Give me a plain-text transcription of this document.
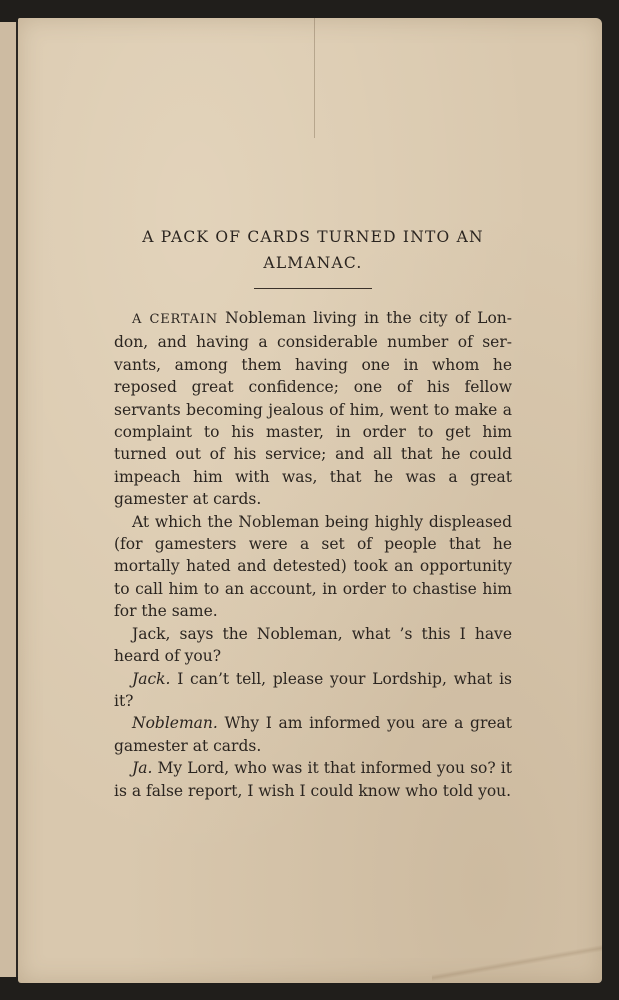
A PACK OF CARDS TURNED INTO AN
ALMANAC.

A CERTAIN Nobleman living in the city of London, and having a considerable number of servants, among them having one in whom he reposed great confidence; one of his fellow servants becoming jealous of him, went to make a complaint to his master, in order to get him turned out of his service; and all that he could impeach him with was, that he was a great gamester at cards.

At which the Nobleman being highly displeased (for gamesters were a set of people that he mortally hated and detested) took an opportunity to call him to an account, in order to chastise him for the same.

Jack, says the Nobleman, what ’s this I have heard of you?

Jack. I can’t tell, please your Lordship, what is it?

Nobleman. Why I am informed you are a great gamester at cards.

Ja. My Lord, who was it that informed you so? it is a false report, I wish I could know who told you.
